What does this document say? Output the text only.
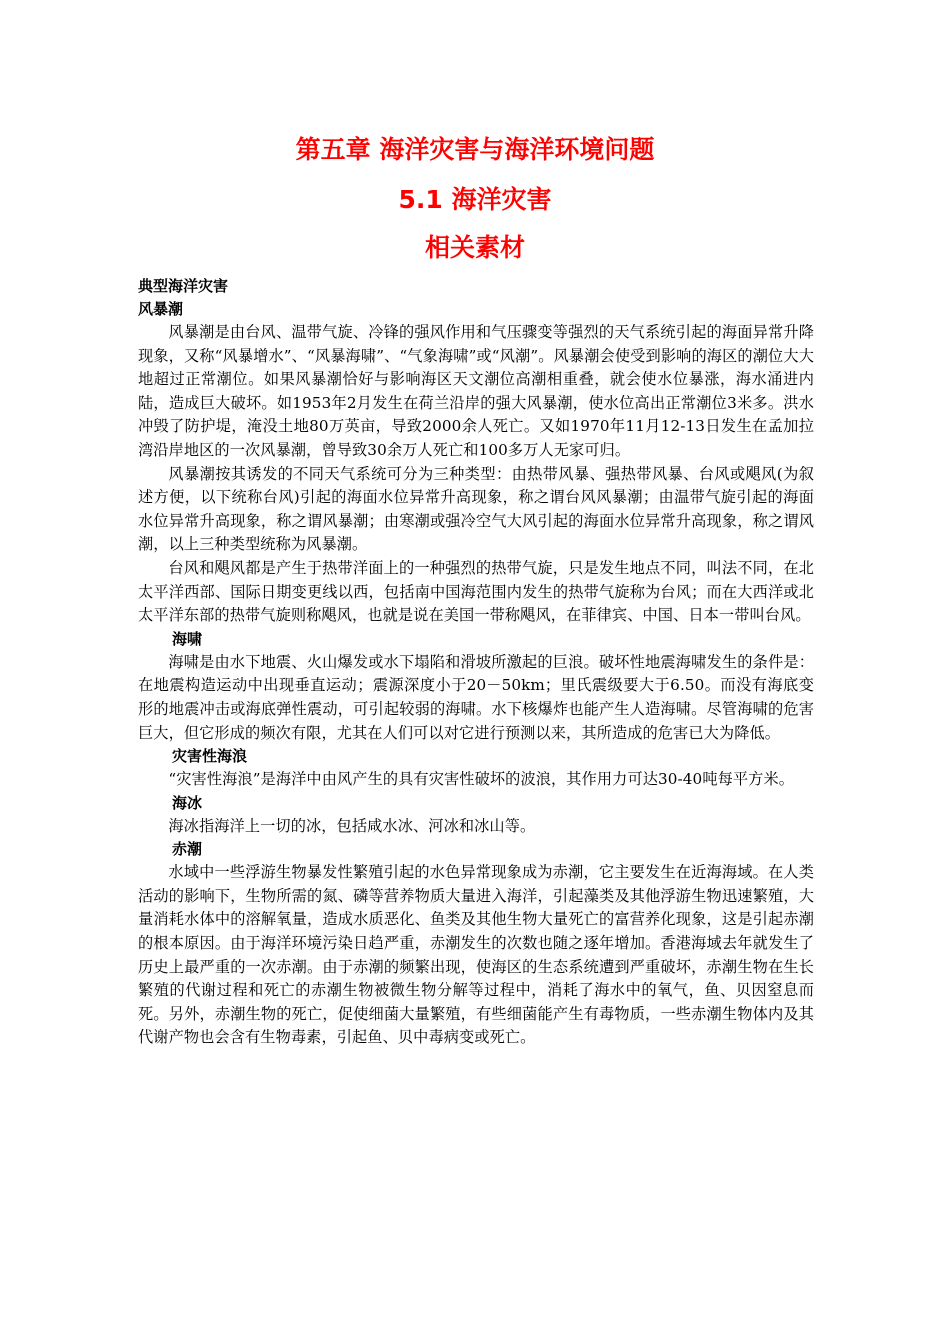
第五章 海洋灾害与海洋环境问题
5.1 海洋灾害
相关素材
典型海洋灾害
风暴潮

风暴潮是由台风、温带气旋、冷锋的强风作用和气压骤变等强烈的天气系统引起的海面异常升降现象，又称“风暴增水”、“风暴海啸”、“气象海啸”或“风潮”。风暴潮会使受到影响的海区的潮位大大地超过正常潮位。如果风暴潮恰好与影响海区天文潮位高潮相重叠，就会使水位暴涨，海水涌进内陆，造成巨大破坏。如1953年2月发生在荷兰沿岸的强大风暴潮，使水位高出正常潮位3米多。洪水冲毁了防护堤，淹没土地80万英亩，导致2000余人死亡。又如1970年11月12-13日发生在孟加拉湾沿岸地区的一次风暴潮，曾导致30余万人死亡和100多万人无家可归。

风暴潮按其诱发的不同天气系统可分为三种类型：由热带风暴、强热带风暴、台风或飓风(为叙述方便，以下统称台风)引起的海面水位异常升高现象，称之谓台风风暴潮；由温带气旋引起的海面水位异常升高现象，称之谓风暴潮；由寒潮或强冷空气大风引起的海面水位异常升高现象，称之谓风潮，以上三种类型统称为风暴潮。

台风和飓风都是产生于热带洋面上的一种强烈的热带气旋，只是发生地点不同，叫法不同，在北太平洋西部、国际日期变更线以西，包括南中国海范围内发生的热带气旋称为台风；而在大西洋或北太平洋东部的热带气旋则称飓风，也就是说在美国一带称飓风，在菲律宾、中国、日本一带叫台风。

海啸

海啸是由水下地震、火山爆发或水下塌陷和滑坡所激起的巨浪。破坏性地震海啸发生的条件是：在地震构造运动中出现垂直运动；震源深度小于20－50km；里氏震级要大于6.50。而没有海底变形的地震冲击或海底弹性震动，可引起较弱的海啸。水下核爆炸也能产生人造海啸。尽管海啸的危害巨大，但它形成的频次有限，尤其在人们可以对它进行预测以来，其所造成的危害已大为降低。

灾害性海浪

“灾害性海浪”是海洋中由风产生的具有灾害性破坏的波浪，其作用力可达30-40吨每平方米。

海冰

海冰指海洋上一切的冰，包括咸水冰、河冰和冰山等。

赤潮

水域中一些浮游生物暴发性繁殖引起的水色异常现象成为赤潮，它主要发生在近海海域。在人类活动的影响下，生物所需的氮、磷等营养物质大量进入海洋，引起藻类及其他浮游生物迅速繁殖，大量消耗水体中的溶解氧量，造成水质恶化、鱼类及其他生物大量死亡的富营养化现象，这是引起赤潮的根本原因。由于海洋环境污染日趋严重，赤潮发生的次数也随之逐年增加。香港海域去年就发生了历史上最严重的一次赤潮。由于赤潮的频繁出现，使海区的生态系统遭到严重破坏，赤潮生物在生长繁殖的代谢过程和死亡的赤潮生物被微生物分解等过程中，消耗了海水中的氧气，鱼、贝因窒息而死。另外，赤潮生物的死亡，促使细菌大量繁殖，有些细菌能产生有毒物质，一些赤潮生物体内及其代谢产物也会含有生物毒素，引起鱼、贝中毒病变或死亡。
